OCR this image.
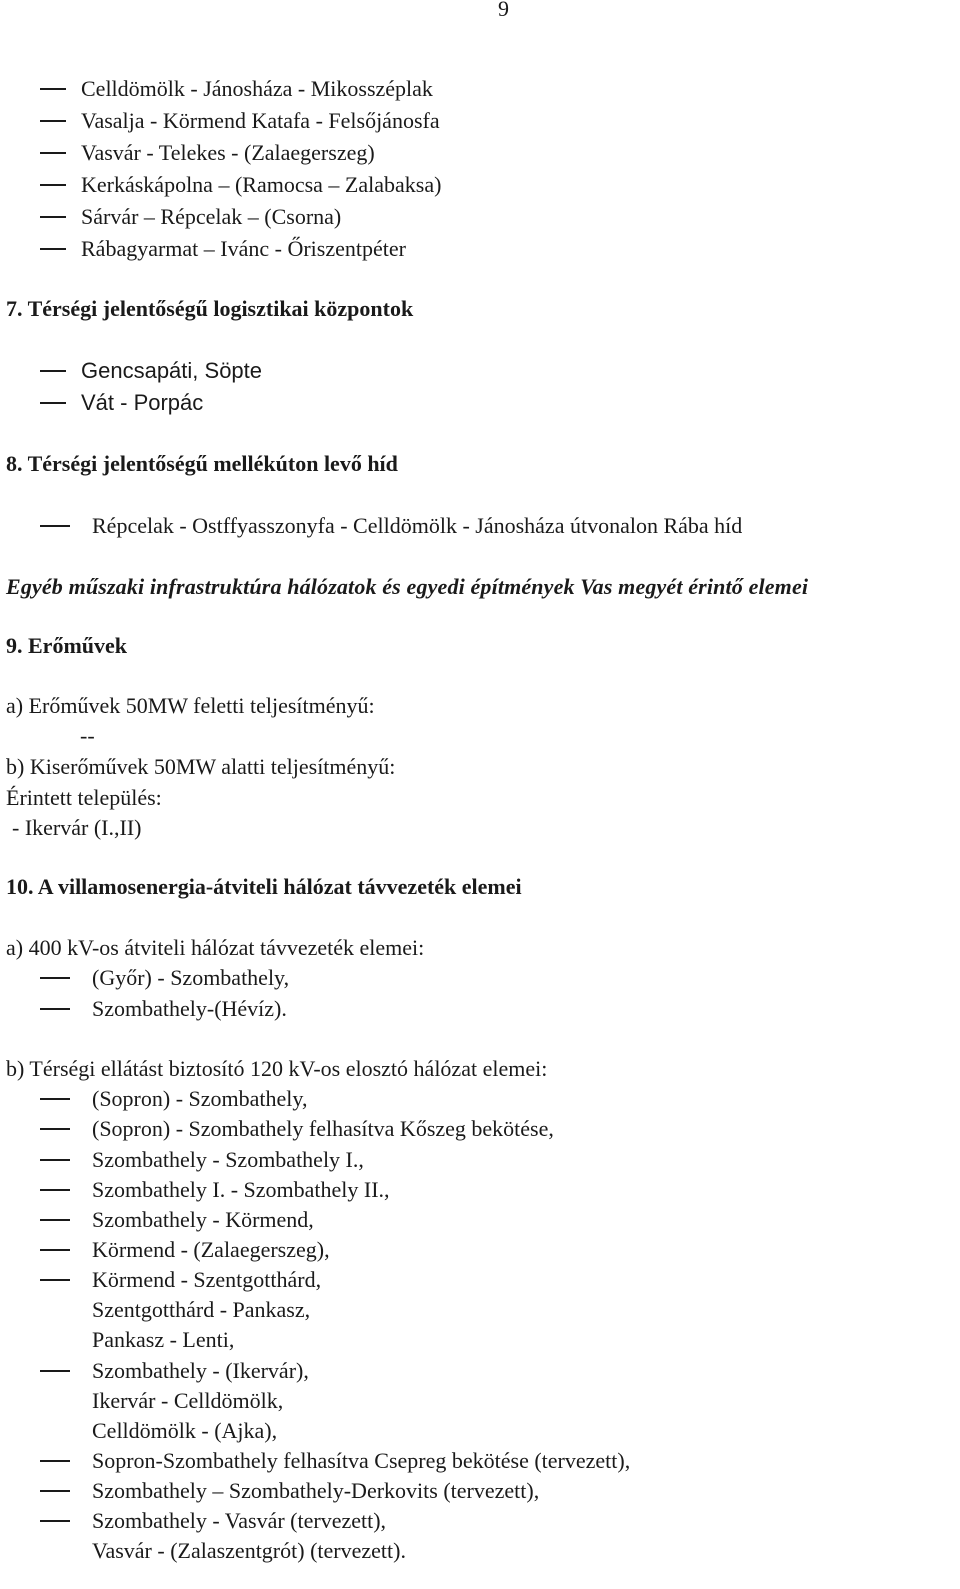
9
Celldömölk - Jánosháza - Mikosszéplak
Vasalja - Körmend Katafa - Felsőjánosfa
Vasvár - Telekes - (Zalaegerszeg)
Kerkáskápolna – (Ramocsa – Zalabaksa)
Sárvár – Répcelak – (Csorna)
Rábagyarmat – Ivánc - Őriszentpéter
7. Térségi jelentőségű logisztikai központok
Gencsapáti, Söpte
Vát - Porpác
8. Térségi jelentőségű mellékúton levő híd
Répcelak - Ostffyasszonyfa - Celldömölk - Jánosháza útvonalon Rába híd
Egyéb műszaki infrastruktúra hálózatok és egyedi építmények Vas megyét érintő elemei
9. Erőművek
a) Erőművek 50MW feletti teljesítményű:
--
b) Kiserőművek 50MW alatti teljesítményű:
Érintett település:
- Ikervár (I.,II)
10. A villamosenergia-átviteli hálózat távvezeték elemei
a) 400 kV-os átviteli hálózat távvezeték elemei:
(Győr) - Szombathely,
Szombathely-(Hévíz).
b) Térségi ellátást biztosító 120 kV-os elosztó hálózat elemei:
(Sopron) - Szombathely,
(Sopron) - Szombathely felhasítva Kőszeg bekötése,
Szombathely - Szombathely I.,
Szombathely I. - Szombathely II.,
Szombathely - Körmend,
Körmend - (Zalaegerszeg),
Körmend - Szentgotthárd,
Szentgotthárd - Pankasz,
Pankasz - Lenti,
Szombathely - (Ikervár),
Ikervár - Celldömölk,
Celldömölk - (Ajka),
Sopron-Szombathely felhasítva Csepreg bekötése (tervezett),
Szombathely – Szombathely-Derkovits (tervezett),
Szombathely - Vasvár (tervezett),
Vasvár - (Zalaszentgrót) (tervezett).
